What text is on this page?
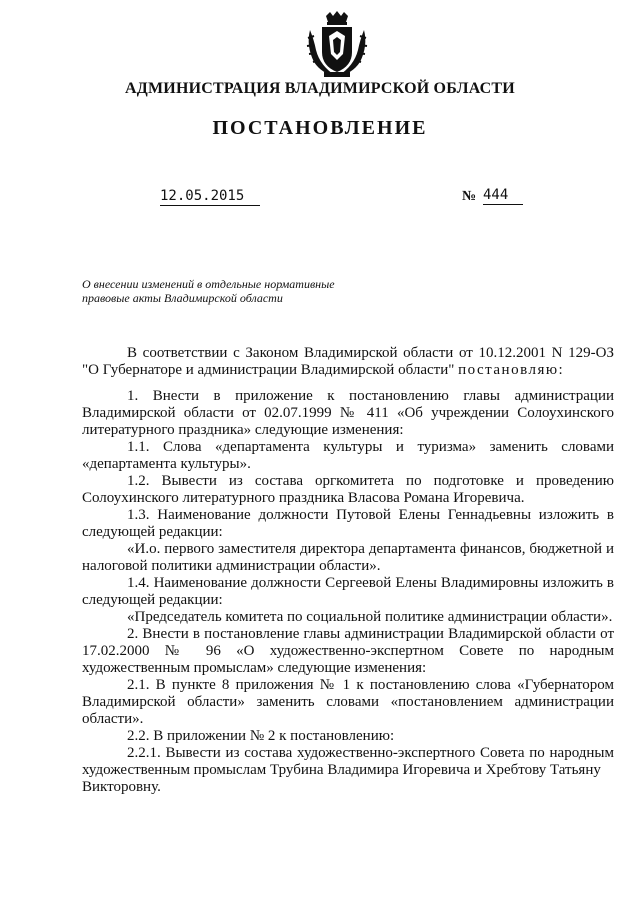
АДМИНИСТРАЦИЯ ВЛАДИМИРСКОЙ ОБЛАСТИ
ПОСТАНОВЛЕНИЕ
12.05.2015	№ 444
О внесении изменений в отдельные нормативные
правовые акты Владимирской области

В соответствии с Законом Владимирской области от 10.12.2001 N 129-ОЗ "О Губернаторе и администрации Владимирской области" постановляю:

1. Внести в приложение к постановлению главы администрации Владимирской области от 02.07.1999 № 411 «Об учреждении Солоухинского литературного праздника» следующие изменения:

1.1. Слова «департамента культуры и туризма» заменить словами «департамента культуры».

1.2. Вывести из состава оргкомитета по подготовке и проведению Солоухинского литературного праздника Власова Романа Игоревича.

1.3. Наименование должности Путовой Елены Геннадьевны изложить в следующей редакции:

«И.о. первого заместителя директора департамента финансов, бюджетной и налоговой политики администрации области».

1.4. Наименование должности Сергеевой Елены Владимировны изложить в следующей редакции:

«Председатель комитета по социальной политике администрации области».

2. Внести в постановление главы администрации Владимирской области от 17.02.2000 № 96 «О художественно-экспертном Совете по народным художественным промыслам» следующие изменения:

2.1. В пункте 8 приложения № 1 к постановлению слова «Губернатором Владимирской области» заменить словами «постановлением администрации области».

2.2. В приложении № 2 к постановлению:

2.2.1. Вывести из состава художественно-экспертного Совета по народным художественным промыслам Трубина Владимира Игоревича и Хребтову Татьяну

Викторовну.
